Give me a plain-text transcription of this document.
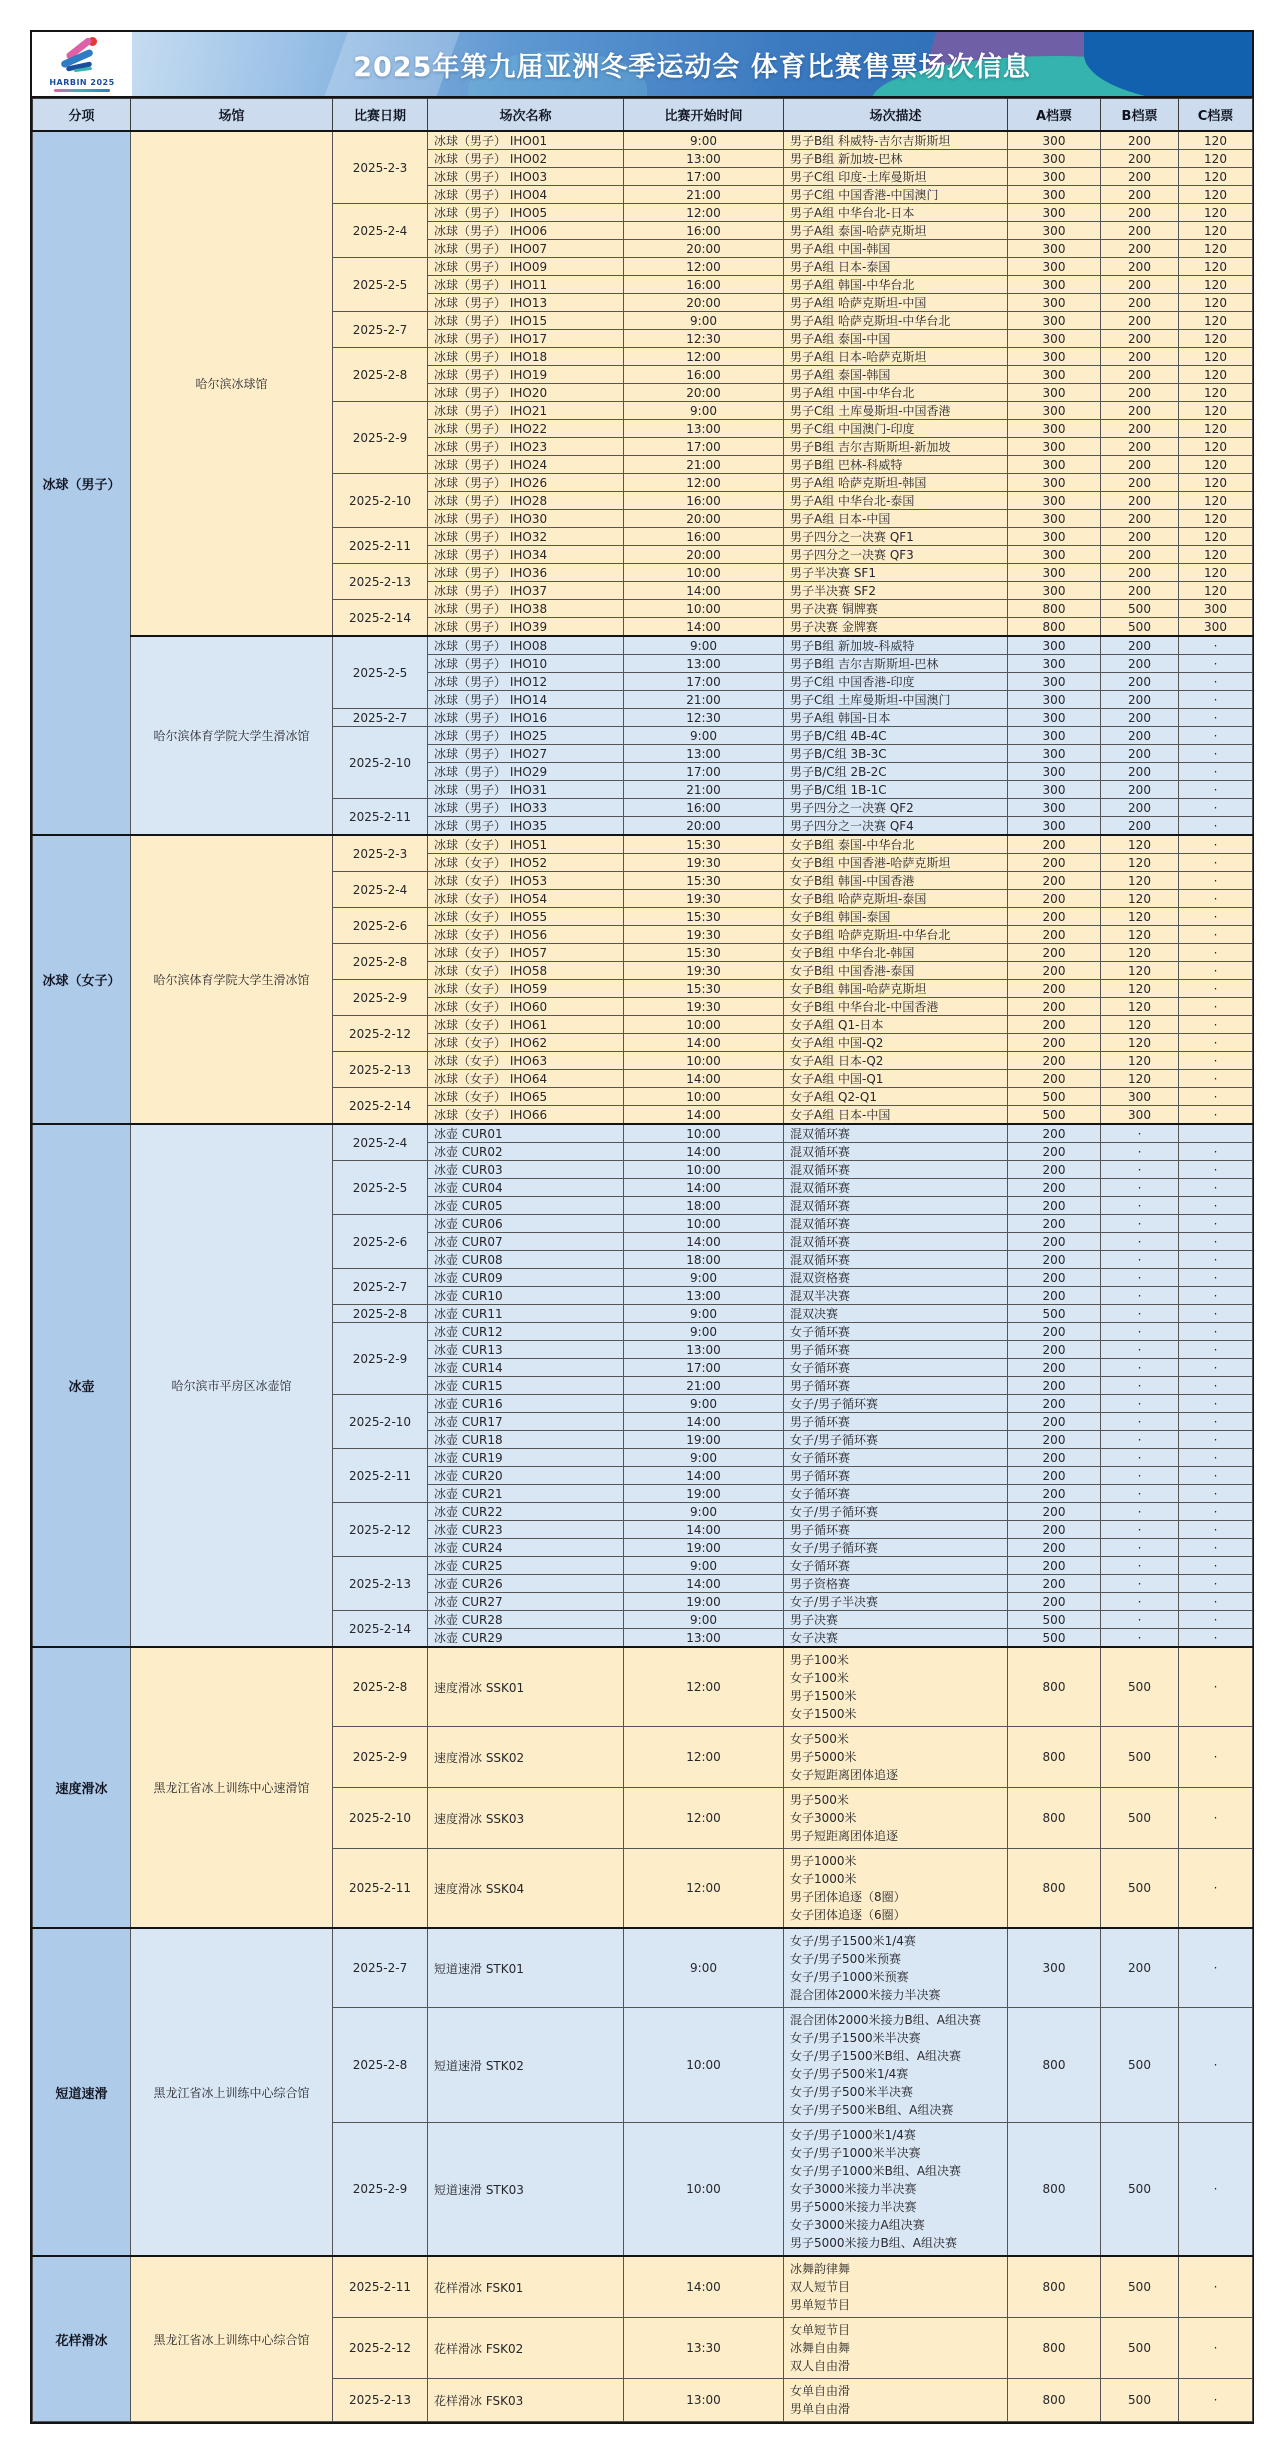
HARBIN 2025	2025年第九届亚洲冬季运动会 体育比赛售票场次信息
分项	场馆	比赛日期	场次名称	比赛开始时间	场次描述	A档票	B档票	C档票
冰球（男子）	哈尔滨冰球馆	2025-2-3	冰球（男子） IHO01	9:00	男子B组 科威特-吉尔吉斯斯坦	300	200	120
			冰球（男子） IHO02	13:00	男子B组 新加坡-巴林	300	200	120
			冰球（男子） IHO03	17:00	男子C组 印度-土库曼斯坦	300	200	120
			冰球（男子） IHO04	21:00	男子C组 中国香港-中国澳门	300	200	120
		2025-2-4	冰球（男子） IHO05	12:00	男子A组 中华台北-日本	300	200	120
			冰球（男子） IHO06	16:00	男子A组 泰国-哈萨克斯坦	300	200	120
			冰球（男子） IHO07	20:00	男子A组 中国-韩国	300	200	120
		2025-2-5	冰球（男子） IHO09	12:00	男子A组 日本-泰国	300	200	120
			冰球（男子） IHO11	16:00	男子A组 韩国-中华台北	300	200	120
			冰球（男子） IHO13	20:00	男子A组 哈萨克斯坦-中国	300	200	120
		2025-2-7	冰球（男子） IHO15	9:00	男子A组 哈萨克斯坦-中华台北	300	200	120
			冰球（男子） IHO17	12:30	男子A组 泰国-中国	300	200	120
		2025-2-8	冰球（男子） IHO18	12:00	男子A组 日本-哈萨克斯坦	300	200	120
			冰球（男子） IHO19	16:00	男子A组 泰国-韩国	300	200	120
			冰球（男子） IHO20	20:00	男子A组 中国-中华台北	300	200	120
		2025-2-9	冰球（男子） IHO21	9:00	男子C组 土库曼斯坦-中国香港	300	200	120
			冰球（男子） IHO22	13:00	男子C组 中国澳门-印度	300	200	120
			冰球（男子） IHO23	17:00	男子B组 吉尔吉斯斯坦-新加坡	300	200	120
			冰球（男子） IHO24	21:00	男子B组 巴林-科威特	300	200	120
		2025-2-10	冰球（男子） IHO26	12:00	男子A组 哈萨克斯坦-韩国	300	200	120
			冰球（男子） IHO28	16:00	男子A组 中华台北-泰国	300	200	120
			冰球（男子） IHO30	20:00	男子A组 日本-中国	300	200	120
		2025-2-11	冰球（男子） IHO32	16:00	男子四分之一决赛 QF1	300	200	120
			冰球（男子） IHO34	20:00	男子四分之一决赛 QF3	300	200	120
		2025-2-13	冰球（男子） IHO36	10:00	男子半决赛 SF1	300	200	120
			冰球（男子） IHO37	14:00	男子半决赛 SF2	300	200	120
		2025-2-14	冰球（男子） IHO38	10:00	男子决赛 铜牌赛	800	500	300
			冰球（男子） IHO39	14:00	男子决赛 金牌赛	800	500	300
	哈尔滨体育学院大学生滑冰馆	2025-2-5	冰球（男子） IHO08	9:00	男子B组 新加坡-科威特	300	200	·
			冰球（男子） IHO10	13:00	男子B组 吉尔吉斯斯坦-巴林	300	200	·
			冰球（男子） IHO12	17:00	男子C组 中国香港-印度	300	200	·
			冰球（男子） IHO14	21:00	男子C组 土库曼斯坦-中国澳门	300	200	·
		2025-2-7	冰球（男子） IHO16	12:30	男子A组 韩国-日本	300	200	·
		2025-2-10	冰球（男子） IHO25	9:00	男子B/C组 4B-4C	300	200	·
			冰球（男子） IHO27	13:00	男子B/C组 3B-3C	300	200	·
			冰球（男子） IHO29	17:00	男子B/C组 2B-2C	300	200	·
			冰球（男子） IHO31	21:00	男子B/C组 1B-1C	300	200	·
		2025-2-11	冰球（男子） IHO33	16:00	男子四分之一决赛 QF2	300	200	·
			冰球（男子） IHO35	20:00	男子四分之一决赛 QF4	300	200	·
冰球（女子）	哈尔滨体育学院大学生滑冰馆	2025-2-3	冰球（女子） IHO51	15:30	女子B组 泰国-中华台北	200	120	·
			冰球（女子） IHO52	19:30	女子B组 中国香港-哈萨克斯坦	200	120	·
		2025-2-4	冰球（女子） IHO53	15:30	女子B组 韩国-中国香港	200	120	·
			冰球（女子） IHO54	19:30	女子B组 哈萨克斯坦-泰国	200	120	·
		2025-2-6	冰球（女子） IHO55	15:30	女子B组 韩国-泰国	200	120	·
			冰球（女子） IHO56	19:30	女子B组 哈萨克斯坦-中华台北	200	120	·
		2025-2-8	冰球（女子） IHO57	15:30	女子B组 中华台北-韩国	200	120	·
			冰球（女子） IHO58	19:30	女子B组 中国香港-泰国	200	120	·
		2025-2-9	冰球（女子） IHO59	15:30	女子B组 韩国-哈萨克斯坦	200	120	·
			冰球（女子） IHO60	19:30	女子B组 中华台北-中国香港	200	120	·
		2025-2-12	冰球（女子） IHO61	10:00	女子A组 Q1-日本	200	120	·
			冰球（女子） IHO62	14:00	女子A组 中国-Q2	200	120	·
		2025-2-13	冰球（女子） IHO63	10:00	女子A组 日本-Q2	200	120	·
			冰球（女子） IHO64	14:00	女子A组 中国-Q1	200	120	·
		2025-2-14	冰球（女子） IHO65	10:00	女子A组 Q2-Q1	500	300	·
			冰球（女子） IHO66	14:00	女子A组 日本-中国	500	300	·
冰壶	哈尔滨市平房区冰壶馆	2025-2-4	冰壶 CUR01	10:00	混双循环赛	200	·	
			冰壶 CUR02	14:00	混双循环赛	200	·	·
		2025-2-5	冰壶 CUR03	10:00	混双循环赛	200	·	·
			冰壶 CUR04	14:00	混双循环赛	200	·	·
			冰壶 CUR05	18:00	混双循环赛	200	·	·
		2025-2-6	冰壶 CUR06	10:00	混双循环赛	200	·	·
			冰壶 CUR07	14:00	混双循环赛	200	·	·
			冰壶 CUR08	18:00	混双循环赛	200	·	·
		2025-2-7	冰壶 CUR09	9:00	混双资格赛	200	·	·
			冰壶 CUR10	13:00	混双半决赛	200	·	·
		2025-2-8	冰壶 CUR11	9:00	混双决赛	500	·	·
		2025-2-9	冰壶 CUR12	9:00	女子循环赛	200	·	·
			冰壶 CUR13	13:00	男子循环赛	200	·	·
			冰壶 CUR14	17:00	女子循环赛	200	·	·
			冰壶 CUR15	21:00	男子循环赛	200	·	·
		2025-2-10	冰壶 CUR16	9:00	女子/男子循环赛	200	·	·
			冰壶 CUR17	14:00	男子循环赛	200	·	·
			冰壶 CUR18	19:00	女子/男子循环赛	200	·	·
		2025-2-11	冰壶 CUR19	9:00	女子循环赛	200	·	·
			冰壶 CUR20	14:00	男子循环赛	200	·	·
			冰壶 CUR21	19:00	女子循环赛	200	·	·
		2025-2-12	冰壶 CUR22	9:00	女子/男子循环赛	200	·	·
			冰壶 CUR23	14:00	男子循环赛	200	·	·
			冰壶 CUR24	19:00	女子/男子循环赛	200	·	·
		2025-2-13	冰壶 CUR25	9:00	女子循环赛	200	·	·
			冰壶 CUR26	14:00	男子资格赛	200	·	·
			冰壶 CUR27	19:00	女子/男子半决赛	200	·	·
		2025-2-14	冰壶 CUR28	9:00	男子决赛	500	·	·
			冰壶 CUR29	13:00	女子决赛	500	·	·
速度滑冰	黑龙江省冰上训练中心速滑馆	2025-2-8	速度滑冰 SSK01	12:00	男子100米
女子100米
男子1500米
女子1500米	800	500	·
		2025-2-9	速度滑冰 SSK02	12:00	女子500米
男子5000米
女子短距离团体追逐	800	500	·
		2025-2-10	速度滑冰 SSK03	12:00	男子500米
女子3000米
男子短距离团体追逐	800	500	·
		2025-2-11	速度滑冰 SSK04	12:00	男子1000米
女子1000米
男子团体追逐（8圈）
女子团体追逐（6圈）	800	500	·
短道速滑	黑龙江省冰上训练中心综合馆	2025-2-7	短道速滑 STK01	9:00	女子/男子1500米1/4赛
女子/男子500米预赛
女子/男子1000米预赛
混合团体2000米接力半决赛	300	200	·
2025-2-8	短道速滑 STK02	10:00	
混合团体2000米接力B组、A组决赛
女子/男子1500米半决赛
女子/男子1500米B组、A组决赛
女子/男子500米1/4赛
女子/男子500米半决赛
女子/男子500米B组、A组决赛
	800	500	·
2025-2-9	短道速滑 STK03	10:00	
女子/男子1000米1/4赛
女子/男子1000米半决赛
女子/男子1000米B组、A组决赛
女子3000米接力半决赛
男子5000米接力半决赛
女子3000米接力A组决赛
男子5000米接力B组、A组决赛
	800	500	·
花样滑冰	黑龙江省冰上训练中心综合馆	2025-2-11	花样滑冰 FSK01	14:00	冰舞韵律舞
双人短节目
男单短节目	800	500	·
		2025-2-12	花样滑冰 FSK02	13:30	女单短节目
冰舞自由舞
双人自由滑	800	500	·
		2025-2-13	花样滑冰 FSK03	13:00	女单自由滑
男单自由滑	800	500	·
